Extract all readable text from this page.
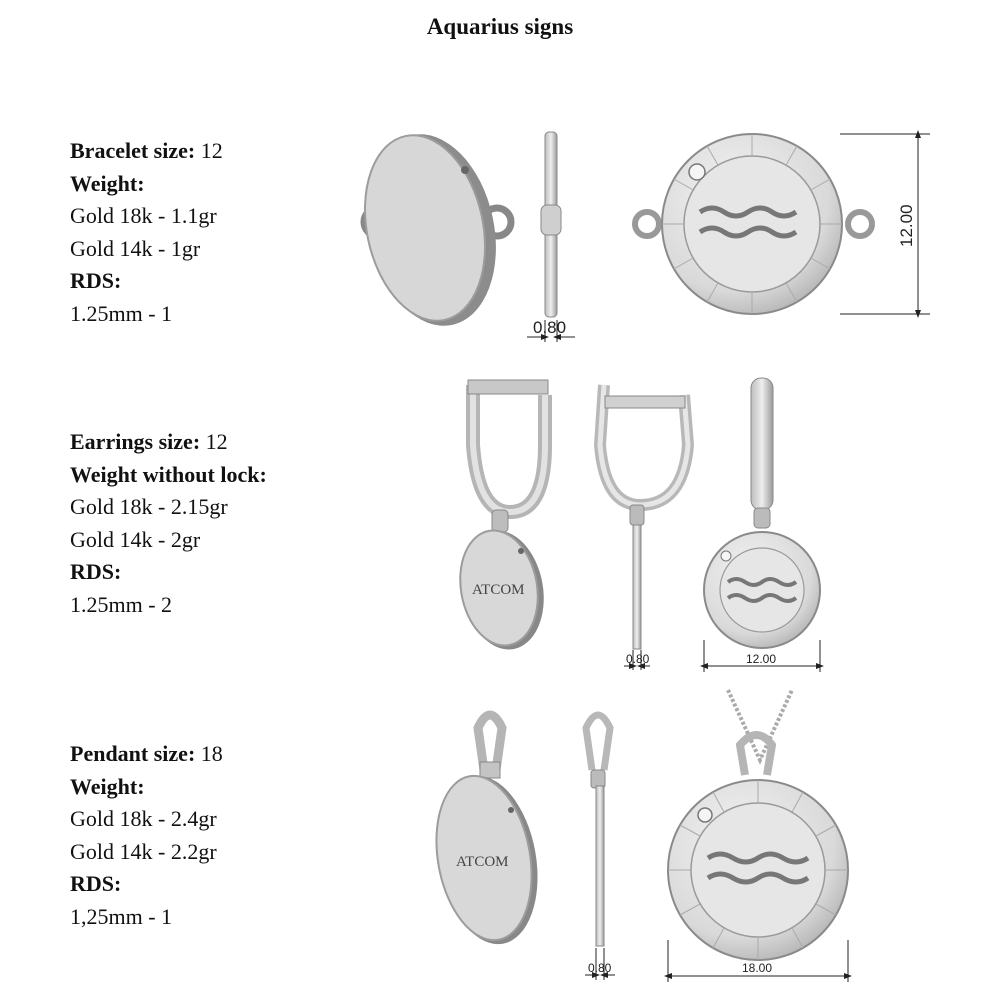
Aquarius signs
Bracelet size: 12
Weight:
Gold 18k - 1.1gr
Gold 14k - 1gr
RDS:
1.25mm - 1
Earrings size: 12
Weight without lock:
Gold 18k - 2.15gr
Gold 14k - 2gr
RDS:
1.25mm - 2
Pendant size: 18
Weight:
Gold 18k - 2.4gr
Gold 14k - 2.2gr
RDS:
1,25mm - 1
0.80
12.00
ATCOM
0.80	12.00
ATCOM
0.80	18.00
